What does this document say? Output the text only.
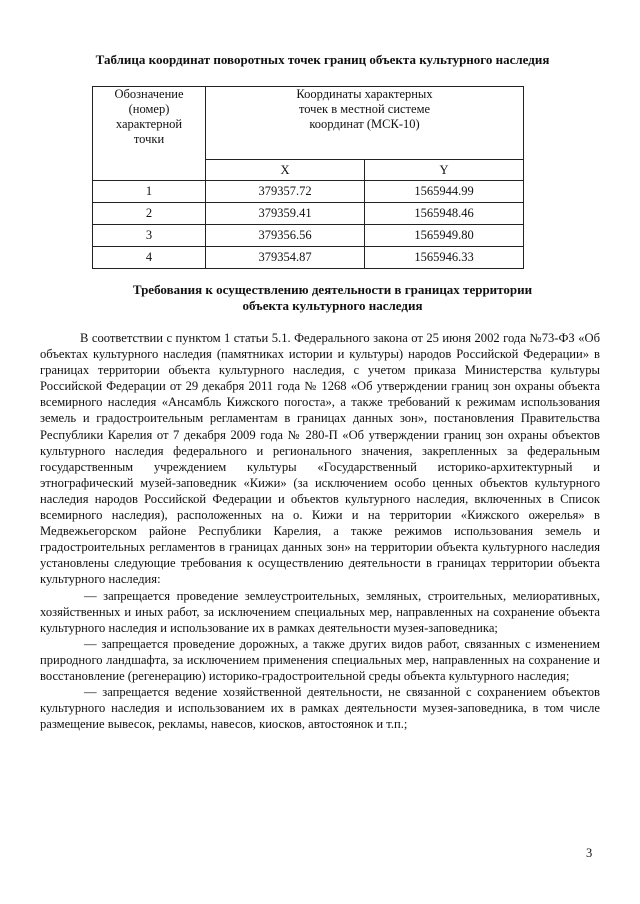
Таблица координат поворотных точек границ объекта культурного наследия
Обозначение
(номер)
характерной
точки	Координаты характерных
точек в местной системе
координат (МСК-10)	

	X	Y
1	379357.72	1565944.99
2	379359.41	1565948.46
3	379356.56	1565949.80
4	379354.87	1565946.33
Требования к осуществлению деятельности в границах территории
объекта культурного наследия

В соответствии с пунктом 1 статьи 5.1. Федерального закона от 25 июня 2002 года №73-ФЗ «Об объектах культурного наследия (памятниках истории и культуры) народов Российской Федерации» в границах территории объекта культурного наследия, с учетом приказа Министерства культуры Российской Федерации от 29 декабря 2011 года № 1268 «Об утверждении границ зон охраны объекта всемирного наследия «Ансамбль Кижского погоста», а также требований к режимам использования земель и градостроительным регламентам в границах данных зон», постановления Правительства Республики Карелия от 7 декабря 2009 года № 280-П «Об утверждении границ зон охраны объектов культурного наследия федерального и регионального значения, закрепленных за федеральным государственным учреждением культуры «Государственный историко-архитектурный и этнографический музей-заповедник «Кижи» (за исключением особо ценных объектов культурного наследия народов Российской Федерации и объектов культурного наследия, включенных в Список всемирного наследия), расположенных на о. Кижи и на территории «Кижского ожерелья» в Медвежьегорском районе Республики Карелия, а также режимов использования земель и градостроительных регламентов в границах данных зон» на территории объекта культурного наследия установлены следующие требования к осуществлению деятельности в границах территории объекта культурного наследия:

— запрещается проведение землеустроительных, земляных, строительных, мелиоративных, хозяйственных и иных работ, за исключением специальных мер, направленных на сохранение объекта культурного наследия и использование их в рамках деятельности музея-заповедника;

— запрещается проведение дорожных, а также других видов работ, связанных с изменением природного ландшафта, за исключением применения специальных мер, направленных на сохранение и восстановление (регенерацию) историко-градостроительной среды объекта культурного наследия;

— запрещается ведение хозяйственной деятельности, не связанной с сохранением объектов культурного наследия и использованием их в рамках деятельности музея-заповедника, в том числе размещение вывесок, рекламы, навесов, киосков, автостоянок и т.п.;

3
